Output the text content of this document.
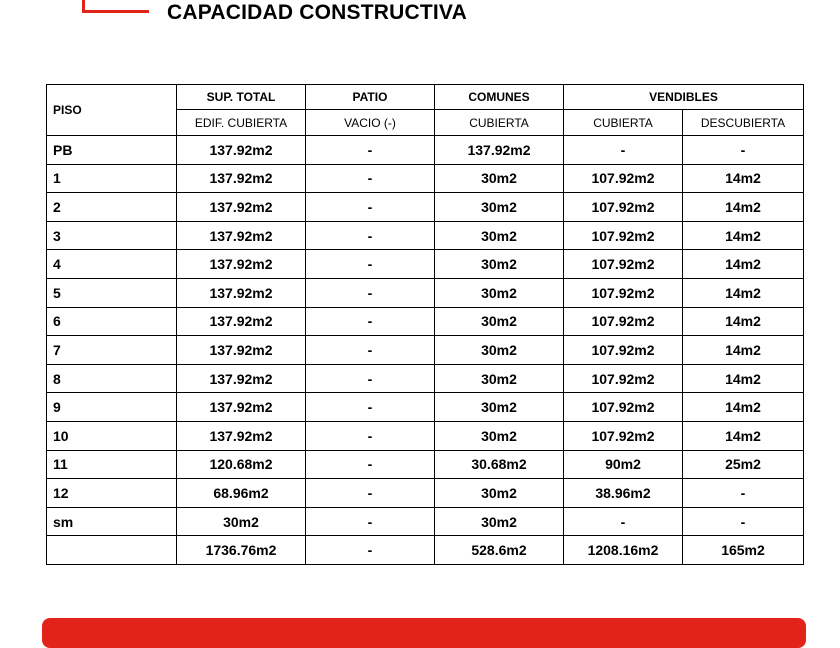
CAPACIDAD CONSTRUCTIVA
PISO	SUP. TOTAL	PATIO	COMUNES	VENDIBLES	
	EDIF. CUBIERTA	VACIO (-)	CUBIERTA	CUBIERTA	DESCUBIERTA
PB	137.92m2	-	137.92m2	-	-
1	137.92m2	-	30m2	107.92m2	14m2
2	137.92m2	-	30m2	107.92m2	14m2
3	137.92m2	-	30m2	107.92m2	14m2
4	137.92m2	-	30m2	107.92m2	14m2
5	137.92m2	-	30m2	107.92m2	14m2
6	137.92m2	-	30m2	107.92m2	14m2
7	137.92m2	-	30m2	107.92m2	14m2
8	137.92m2	-	30m2	107.92m2	14m2
9	137.92m2	-	30m2	107.92m2	14m2
10	137.92m2	-	30m2	107.92m2	14m2
11	120.68m2	-	30.68m2	90m2	25m2
12	68.96m2	-	30m2	38.96m2	-
sm	30m2	-	30m2	-	-
	1736.76m2	-	528.6m2	1208.16m2	165m2
